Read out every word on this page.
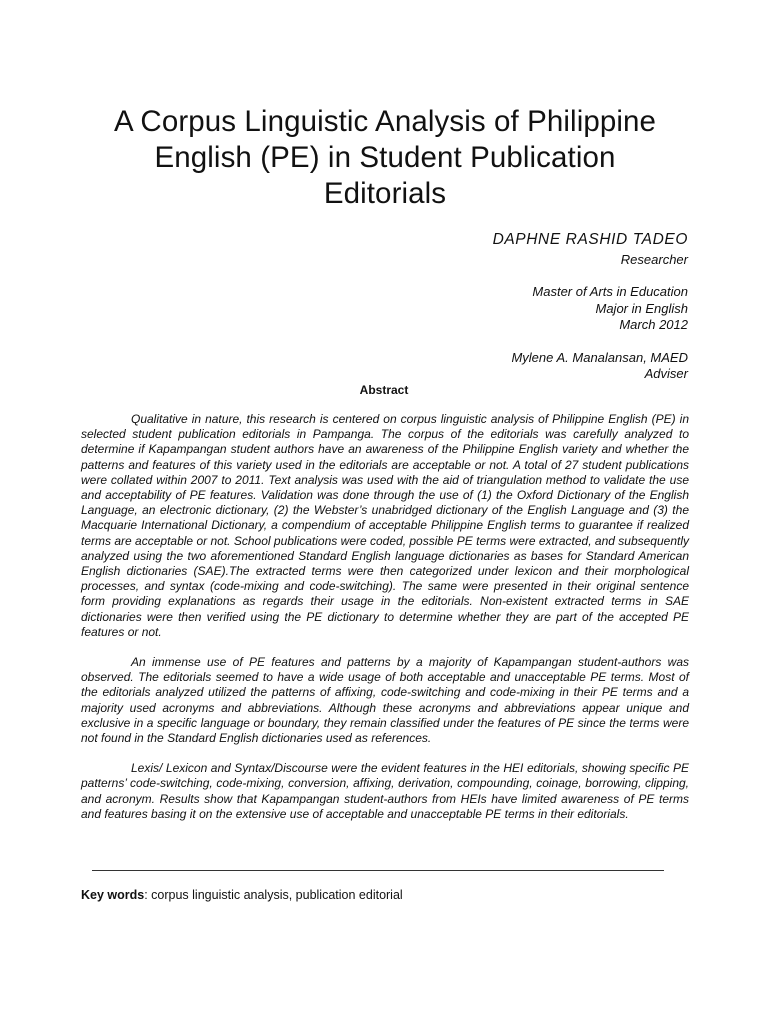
A Corpus Linguistic Analysis of Philippine
English (PE) in Student Publication
Editorials
DAPHNE RASHID TADEO
Researcher
Master of Arts in Education
Major in English
March 2012
Mylene A. Manalansan, MAED
Adviser
Abstract

Qualitative in nature, this research is centered on corpus linguistic analysis of Philippine English (PE) in selected student publication editorials in Pampanga. The corpus of the editorials was carefully analyzed to determine if Kapampangan student authors have an awareness of the Philippine English variety and whether the patterns and features of this variety used in the editorials are acceptable or not. A total of 27 student publications were collated within 2007 to 2011. Text analysis was used with the aid of triangulation method to validate the use and acceptability of PE features. Validation was done through the use of (1) the Oxford Dictionary of the English Language, an electronic dictionary, (2) the Webster’s unabridged dictionary of the English Language and (3) the Macquarie International Dictionary, a compendium of acceptable Philippine English terms to guarantee if realized terms are acceptable or not. School publications were coded, possible PE terms were extracted, and subsequently analyzed using the two aforementioned Standard English language dictionaries as bases for Standard American English dictionaries (SAE).The extracted terms were then categorized under lexicon and their morphological processes, and syntax (code-mixing and code-switching). The same were presented in their original sentence form providing explanations as regards their usage in the editorials. Non-existent extracted terms in SAE dictionaries were then verified using the PE dictionary to determine whether they are part of the accepted PE features or not.

An immense use of PE features and patterns by a majority of Kapampangan student-authors was observed. The editorials seemed to have a wide usage of both acceptable and unacceptable PE terms. Most of the editorials analyzed utilized the patterns of affixing, code-switching and code-mixing in their PE terms and a majority used acronyms and abbreviations. Although these acronyms and abbreviations appear unique and exclusive in a specific language or boundary, they remain classified under the features of PE since the terms were not found in the Standard English dictionaries used as references.

Lexis/ Lexicon and Syntax/Discourse were the evident features in the HEI editorials, showing specific PE patterns’ code-switching, code-mixing, conversion, affixing, derivation, compounding, coinage, borrowing, clipping, and acronym. Results show that Kapampangan student-authors from HEIs have limited awareness of PE terms and features basing it on the extensive use of acceptable and unacceptable PE terms in their editorials.

Key words: corpus linguistic analysis, publication editorial
